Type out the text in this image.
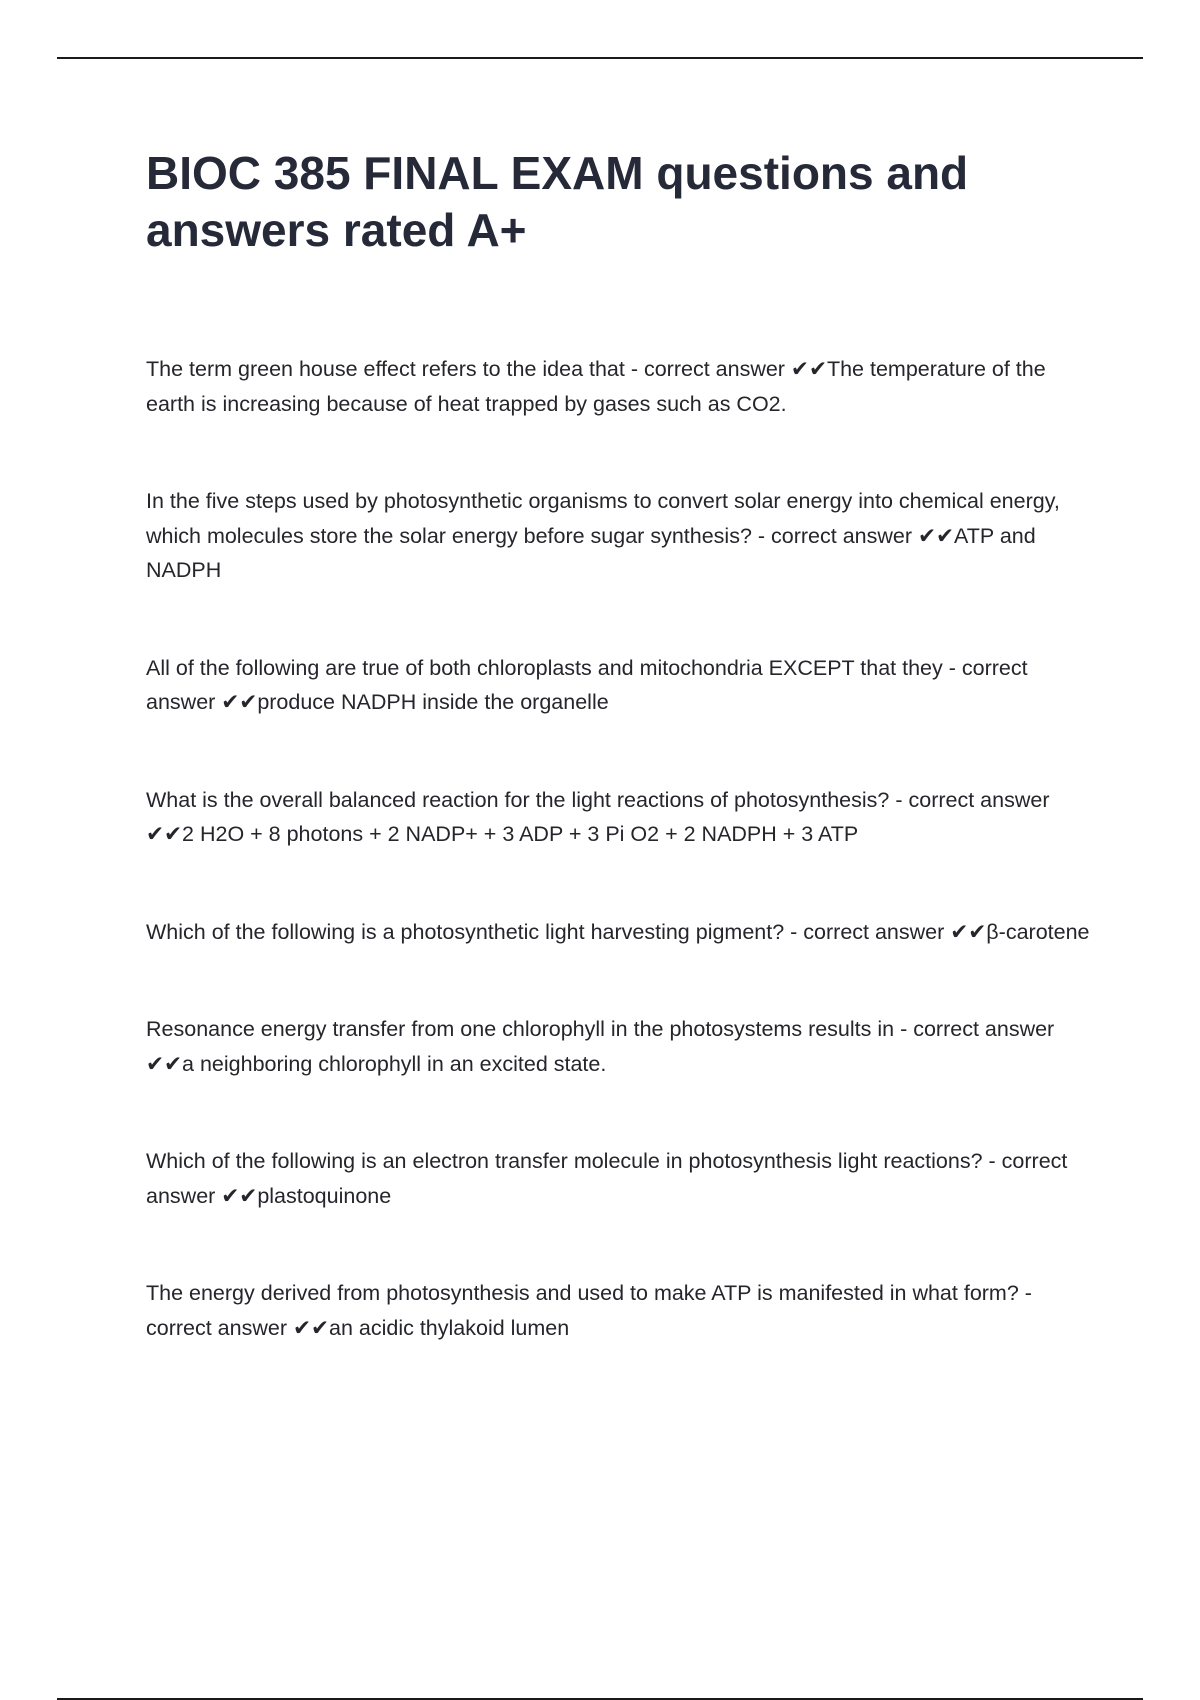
BIOC 385 FINAL EXAM questions and answers rated A+
The term green house effect refers to the idea that - correct answer ✔✔The temperature of the earth is increasing because of heat trapped by gases such as CO2.
In the five steps used by photosynthetic organisms to convert solar energy into chemical energy, which molecules store the solar energy before sugar synthesis? - correct answer ✔✔ATP and NADPH
All of the following are true of both chloroplasts and mitochondria EXCEPT that they - correct answer ✔✔produce NADPH inside the organelle
What is the overall balanced reaction for the light reactions of photosynthesis? - correct answer ✔✔2 H2O + 8 photons + 2 NADP+ + 3 ADP + 3 Pi O2 + 2 NADPH + 3 ATP
Which of the following is a photosynthetic light harvesting pigment? - correct answer ✔✔β-carotene
Resonance energy transfer from one chlorophyll in the photosystems results in - correct answer ✔✔a neighboring chlorophyll in an excited state.
Which of the following is an electron transfer molecule in photosynthesis light reactions? - correct answer ✔✔plastoquinone
The energy derived from photosynthesis and used to make ATP is manifested in what form? - correct answer ✔✔an acidic thylakoid lumen
